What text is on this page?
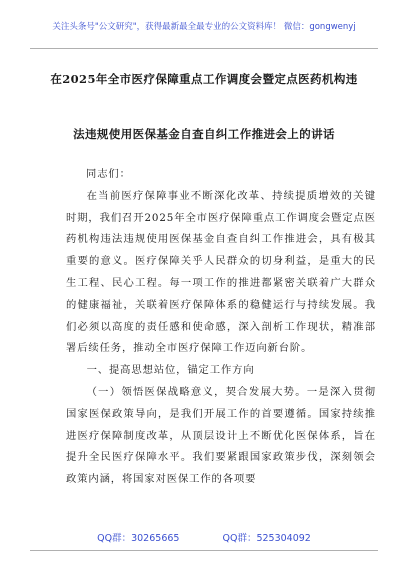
关注头条号"公文研究"，获得最新最全最专业的公文资料库！ 微信：gongwenyj
在2025年全市医疗保障重点工作调度会暨定点医药机构违
法违规使用医保基金自查自纠工作推进会上的讲话

同志们：

在当前医疗保障事业不断深化改革、持续提质增效的关键时期，我们召开2025年全市医疗保障重点工作调度会暨定点医药机构违法违规使用医保基金自查自纠工作推进会，具有极其重要的意义。医疗保障关乎人民群众的切身利益，是重大的民生工程、民心工程。每一项工作的推进都紧密关联着广大群众的健康福祉，关联着医疗保障体系的稳健运行与持续发展。我们必须以高度的责任感和使命感，深入剖析工作现状，精准部署后续任务，推动全市医疗保障工作迈向新台阶。

一、提高思想站位，锚定工作方向

（一）领悟医保战略意义，契合发展大势。一是深入贯彻国家医保政策导向，是我们开展工作的首要遵循。国家持续推进医疗保障制度改革，从顶层设计上不断优化医保体系，旨在提升全民医疗保障水平。我们要紧跟国家政策步伐，深刻领会政策内涵，将国家对医保工作的各项要

QQ群：30265665	QQ群：525304092
